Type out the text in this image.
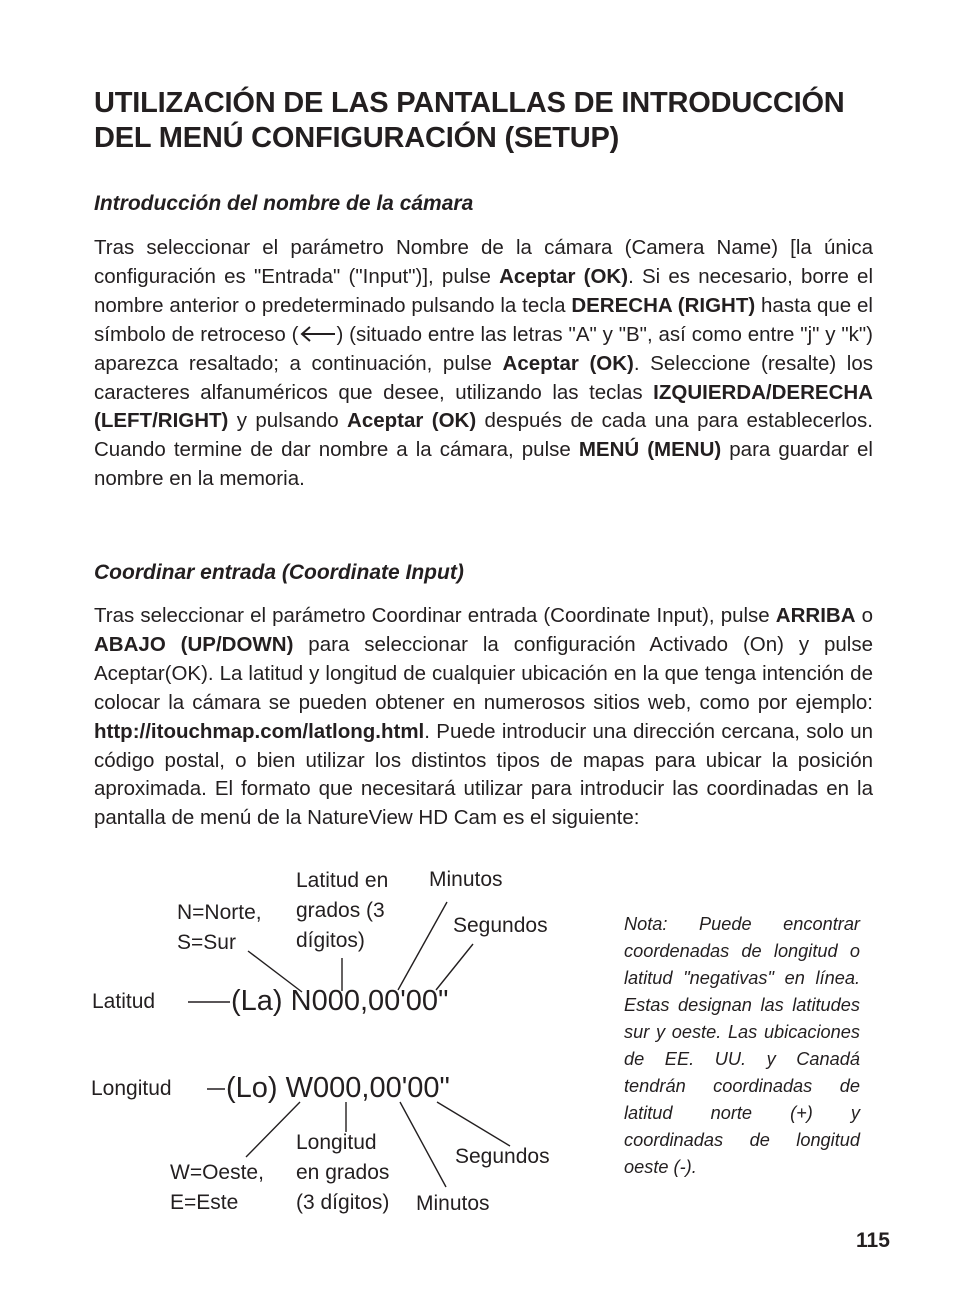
UTILIZACIÓN DE LAS PANTALLAS DE INTRODUCCIÓN
DEL MENÚ CONFIGURACIÓN (SETUP)
Introducción del nombre de la cámara

Tras seleccionar el parámetro Nombre de la cámara (Camera Name) [la única configuración es "Entrada" ("Input")], pulse Aceptar (OK). Si es necesario, borre el nombre anterior o predeterminado pulsando la tecla DERECHA (RIGHT) hasta que el símbolo de retroceso ( ) (situado entre las letras "A" y "B", así como entre "j" y "k") aparezca resaltado; a continuación, pulse Aceptar (OK). Seleccione (resalte) los caracteres alfanuméricos que desee, utilizando las teclas IZQUIERDA/DERECHA (LEFT/RIGHT) y pulsando Aceptar (OK) después de cada una para establecerlos. Cuando termine de dar nombre a la cámara, pulse MENÚ (MENU) para guardar el nombre en la memoria.

Coordinar entrada (Coordinate Input)

Tras seleccionar el parámetro Coordinar entrada (Coordinate Input), pulse ARRIBA o ABAJO (UP/DOWN) para seleccionar la configuración Activado (On) y pulse Aceptar(OK). La latitud y longitud de cualquier ubicación en la que tenga intención de colocar la cámara se pueden obtener en numerosos sitios web, como por ejemplo: http://itouchmap.com/latlong.html. Puede introducir una dirección cercana, solo un código postal, o bien utilizar los distintos tipos de mapas para ubicar la posición aproximada. El formato que necesitará utilizar para introducir las coordinadas en la pantalla de menú de la NatureView HD Cam es el siguiente:

Latitud en
grados (3
dígitos)
Minutos
N=Norte,
S=Sur
Segundos
Latitud	(La) N000,00'00"
Longitud (Lo) W000,00'00"
Longitud
en grados
(3 dígitos)
Segundos
W=Oeste,
E=Este	Minutos

Nota: Puede encontrar coordenadas de longitud o latitud "negativas" en línea. Estas designan las latitudes sur y oeste. Las ubicaciones de EE. UU. y Canadá tendrán coordinadas de latitud norte (+) y coordinadas de longitud oeste (-).

115
